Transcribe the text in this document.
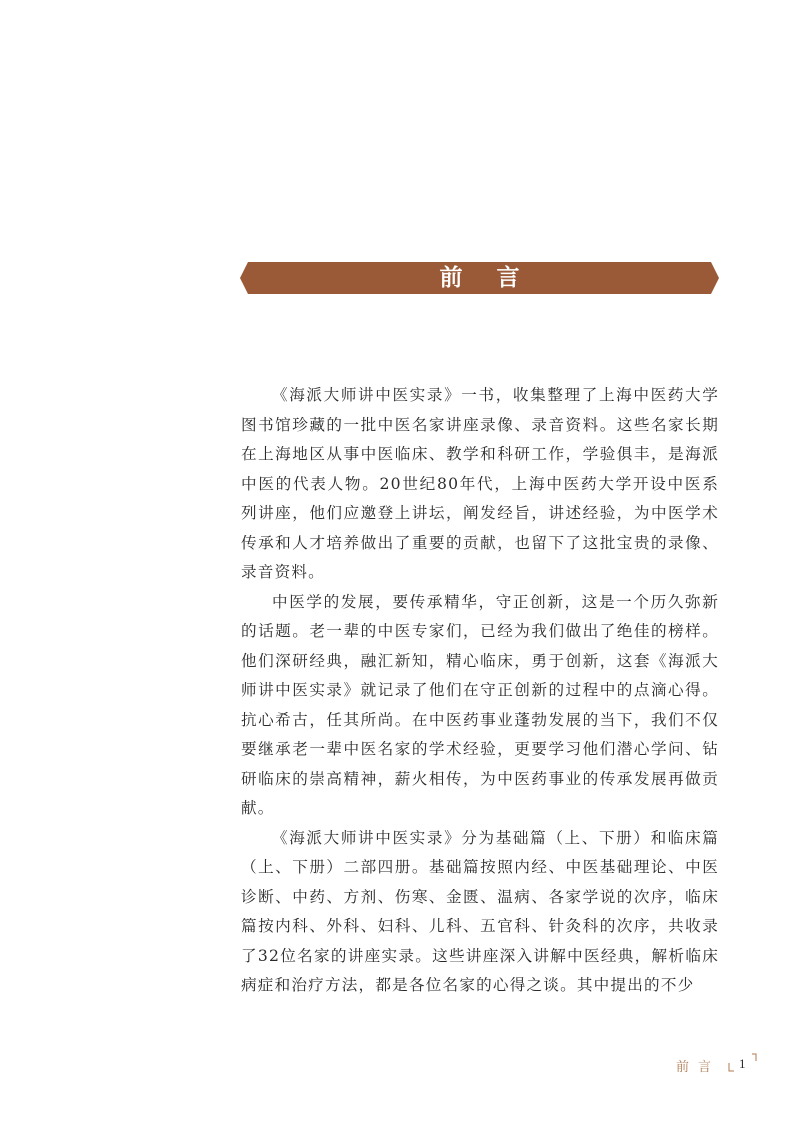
前言

《海派大师讲中医实录》一书，收集整理了上海中医药大学图书馆珍藏的一批中医名家讲座录像、录音资料。这些名家长期在上海地区从事中医临床、教学和科研工作，学验俱丰，是海派中医的代表人物。20世纪80年代，上海中医药大学开设中医系列讲座，他们应邀登上讲坛，阐发经旨，讲述经验，为中医学术传承和人才培养做出了重要的贡献，也留下了这批宝贵的录像、录音资料。

中医学的发展，要传承精华，守正创新，这是一个历久弥新的话题。老一辈的中医专家们，已经为我们做出了绝佳的榜样。他们深研经典，融汇新知，精心临床，勇于创新，这套《海派大师讲中医实录》就记录了他们在守正创新的过程中的点滴心得。抗心希古，任其所尚。在中医药事业蓬勃发展的当下，我们不仅要继承老一辈中医名家的学术经验，更要学习他们潜心学问、钻研临床的崇高精神，薪火相传，为中医药事业的传承发展再做贡献。

《海派大师讲中医实录》分为基础篇（上、下册）和临床篇（上、下册）二部四册。基础篇按照内经、中医基础理论、中医诊断、中药、方剂、伤寒、金匮、温病、各家学说的次序，临床篇按内科、外科、妇科、儿科、五官科、针灸科的次序，共收录了32位名家的讲座实录。这些讲座深入讲解中医经典，解析临床病症和治疗方法，都是各位名家的心得之谈。其中提出的不少

前言 1
